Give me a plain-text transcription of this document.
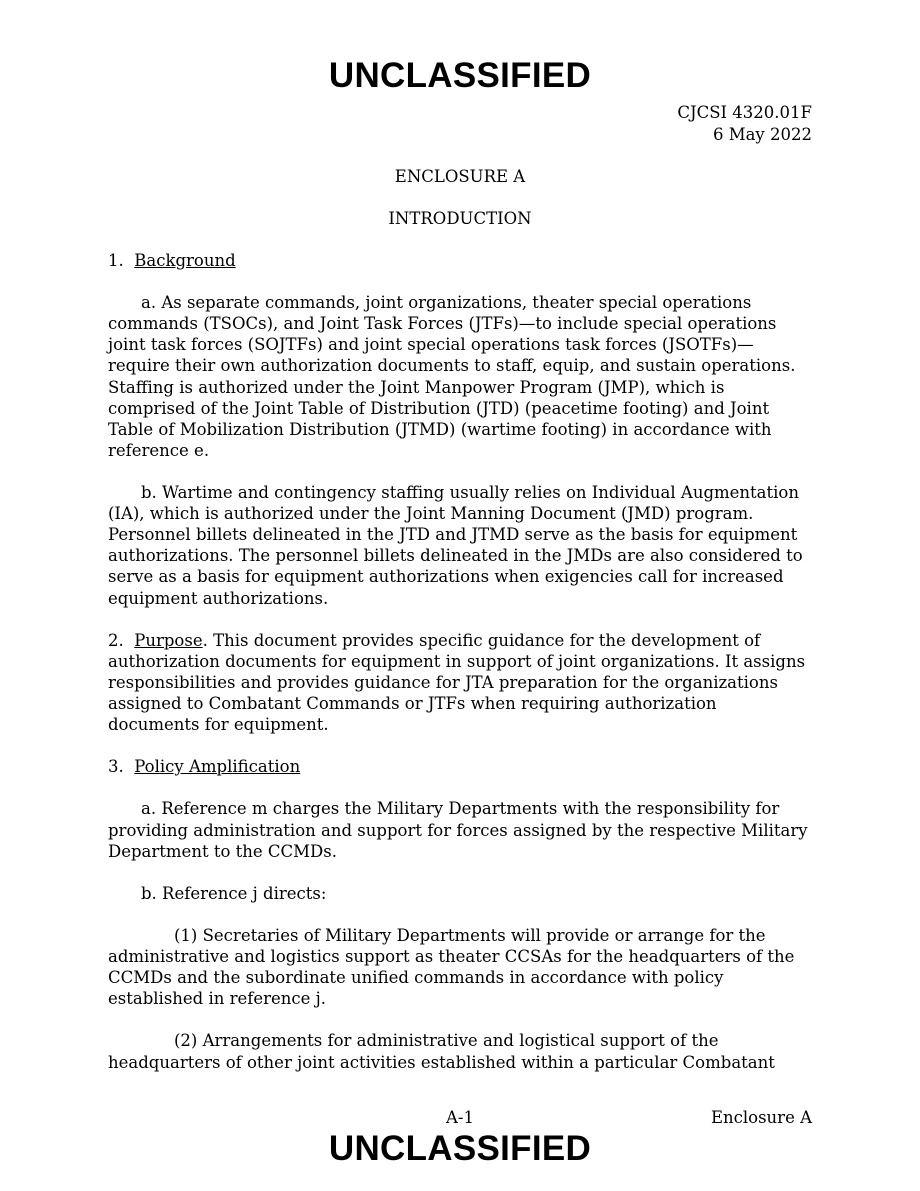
UNCLASSIFIED
CJCSI 4320.01F
6 May 2022
ENCLOSURE A
INTRODUCTION

1. Background

a. As separate commands, joint organizations, theater special operations commands (TSOCs), and Joint Task Forces (JTFs)—to include special operations joint task forces (SOJTFs) and joint special operations task forces (JSOTFs)—require their own authorization documents to staff, equip, and sustain operations. Staffing is authorized under the Joint Manpower Program (JMP), which is comprised of the Joint Table of Distribution (JTD) (peacetime footing) and Joint Table of Mobilization Distribution (JTMD) (wartime footing) in accordance with reference e.

b. Wartime and contingency staffing usually relies on Individual Augmentation (IA), which is authorized under the Joint Manning Document (JMD) program. Personnel billets delineated in the JTD and JTMD serve as the basis for equipment authorizations. The personnel billets delineated in the JMDs are also considered to serve as a basis for equipment authorizations when exigencies call for increased equipment authorizations.

2. Purpose. This document provides specific guidance for the development of authorization documents for equipment in support of joint organizations. It assigns responsibilities and provides guidance for JTA preparation for the organizations assigned to Combatant Commands or JTFs when requiring authorization documents for equipment.

3. Policy Amplification

a. Reference m charges the Military Departments with the responsibility for providing administration and support for forces assigned by the respective Military Department to the CCMDs.

b. Reference j directs:

(1) Secretaries of Military Departments will provide or arrange for the administrative and logistics support as theater CCSAs for the headquarters of the CCMDs and the subordinate unified commands in accordance with policy established in reference j.

(2) Arrangements for administrative and logistical support of the headquarters of other joint activities established within a particular Combatant

A-1	Enclosure A
UNCLASSIFIED
